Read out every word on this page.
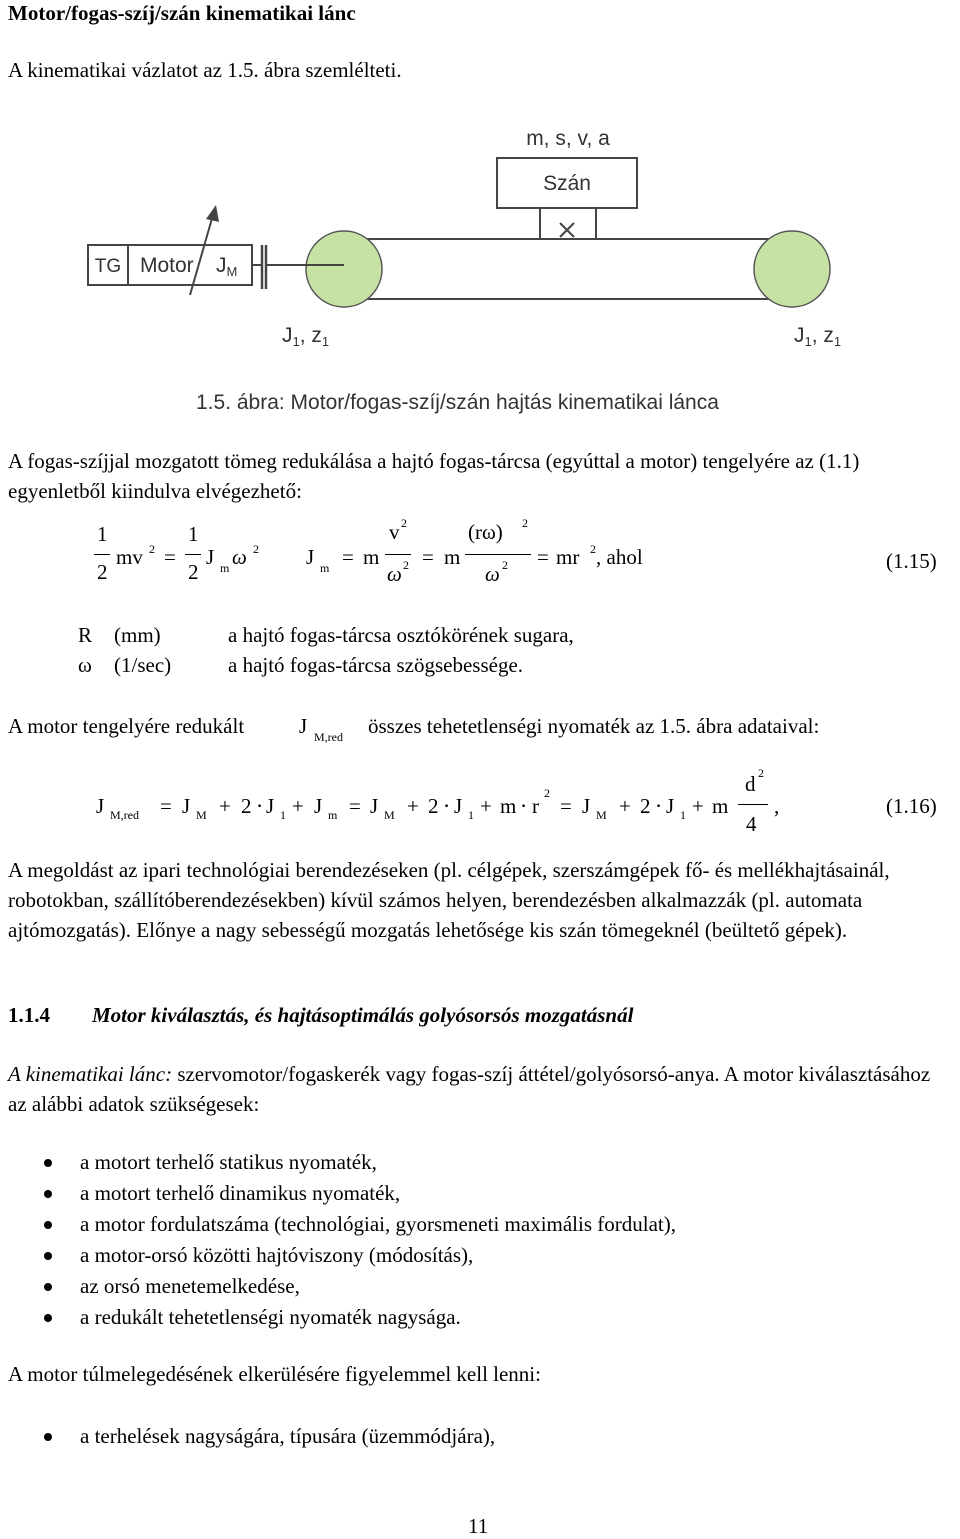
Motor/fogas-szíj/szán kinematikai lánc
A kinematikai vázlatot az 1.5. ábra szemlélteti.
m, s, v, a
Szán
TG Motor JM
J1, z1	J1, z1
1.5. ábra: Motor/fogas-szíj/szán hajtás kinematikai lánca
A fogas-szíjjal mozgatott tömeg redukálása a hajtó fogas-tárcsa (egyúttal a motor) tengelyére az (1.1) egyenletből kiindulva elvégezhető:
1
2
mv 2 =
1
2
J m ω 2 J m = m
v 2
ω 2 = m
(rω) 2
ω 2 = mr 2 , ahol	(1.15)
R (mm)	a hajtó fogas-tárcsa osztókörének sugara,
ω (1/sec)	a hajtó fogas-tárcsa szögsebessége.
A motor tengelyére redukált	J M,red összes tehetetlenségi nyomaték az 1.5. ábra adataival:
J M,red = J M + 2 ⋅ J 1 + J m = J M + 2 ⋅ J 1 + m ⋅ r
2
= J M + 2 ⋅ J 1 + m
d 2
4
,	(1.16)
A megoldást az ipari technológiai berendezéseken (pl. célgépek, szerszámgépek fő- és mellékhajtásainál, robotokban, szállítóberendezésekben) kívül számos helyen, berendezésben alkalmazzák (pl. automata ajtómozgatás). Előnye a nagy sebességű mozgatás lehetősége kis szán tömegeknél (beültető gépek).
1.1.4 Motor kiválasztás, és hajtásoptimálás golyósorsós mozgatásnál
A kinematikai lánc: szervomotor/fogaskerék vagy fogas-szíj áttétel/golyósorsó-anya. A motor kiválasztásához az alábbi adatok szükségesek:
a motort terhelő statikus nyomaték,
a motort terhelő dinamikus nyomaték,
a motor fordulatszáma (technológiai, gyorsmeneti maximális fordulat),
a motor-orsó közötti hajtóviszony (módosítás),
az orsó menetemelkedése,
a redukált tehetetlenségi nyomaték nagysága.
A motor túlmelegedésének elkerülésére figyelemmel kell lenni:
a terhelések nagyságára, típusára (üzemmódjára),
11
